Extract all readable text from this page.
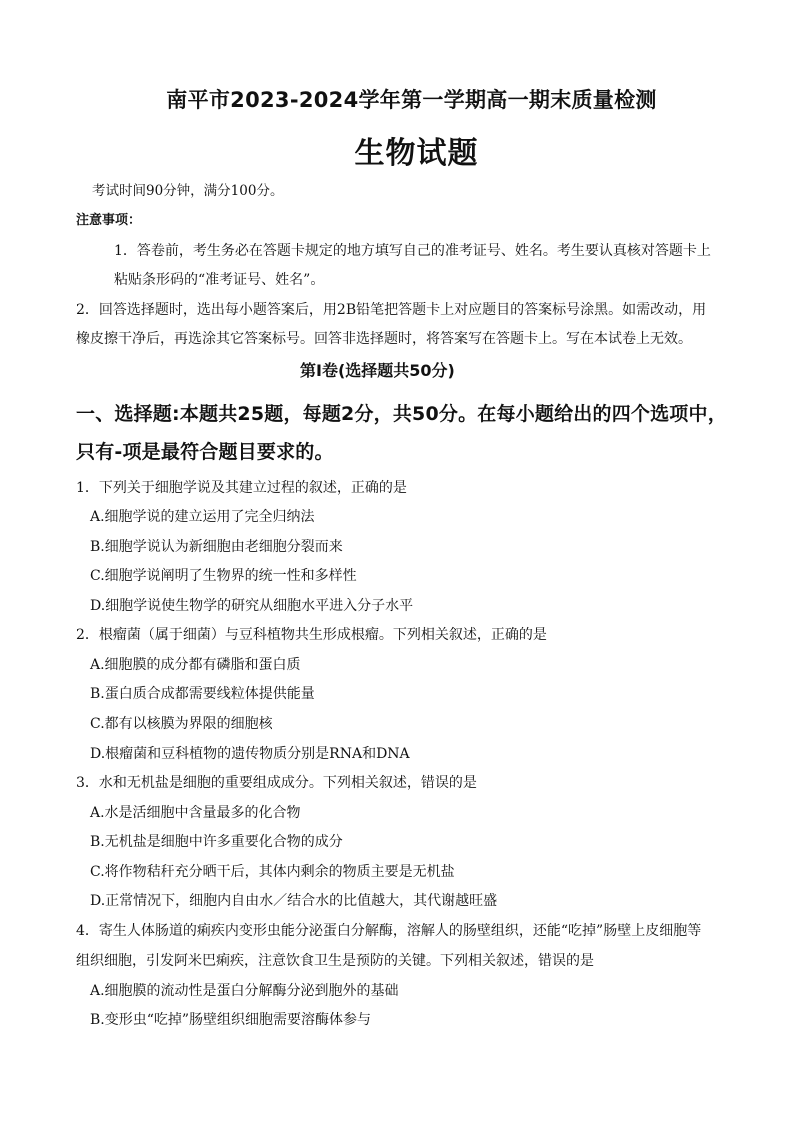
南平市2023-2024学年第一学期高一期末质量检测
生物试题
考试时间90分钟，满分100分。
注意事项：
1．答卷前，考生务必在答题卡规定的地方填写自己的准考证号、姓名。考生要认真核对答题卡上
粘贴条形码的“准考证号、姓名”。
2．回答选择题时，选出每小题答案后，用2B铅笔把答题卡上对应题目的答案标号涂黑。如需改动，用
橡皮擦干净后，再选涂其它答案标号。回答非选择题时，将答案写在答题卡上。写在本试卷上无效。
第Ⅰ卷(选择题共50分)
一、选择题:本题共25题，每题2分，共50分。在每小题给出的四个选项中，
只有-项是最符合题目要求的。
1．下列关于细胞学说及其建立过程的叙述，正确的是
A.细胞学说的建立运用了完全归纳法
B.细胞学说认为新细胞由老细胞分裂而来
C.细胞学说阐明了生物界的统一性和多样性
D.细胞学说使生物学的研究从细胞水平进入分子水平
2．根瘤菌（属于细菌）与豆科植物共生形成根瘤。下列相关叙述，正确的是
A.细胞膜的成分都有磷脂和蛋白质
B.蛋白质合成都需要线粒体提供能量
C.都有以核膜为界限的细胞核
D.根瘤菌和豆科植物的遗传物质分别是RNA和DNA
3．水和无机盐是细胞的重要组成成分。下列相关叙述，错误的是
A.水是活细胞中含量最多的化合物
B.无机盐是细胞中许多重要化合物的成分
C.将作物秸秆充分晒干后，其体内剩余的物质主要是无机盐
D.正常情况下，细胞内自由水／结合水的比值越大，其代谢越旺盛
4．寄生人体肠道的痢疾内变形虫能分泌蛋白分解酶，溶解人的肠壁组织，还能“吃掉”肠壁上皮细胞等
组织细胞，引发阿米巴痢疾，注意饮食卫生是预防的关键。下列相关叙述，错误的是
A.细胞膜的流动性是蛋白分解酶分泌到胞外的基础
B.变形虫“吃掉”肠壁组织细胞需要溶酶体参与
